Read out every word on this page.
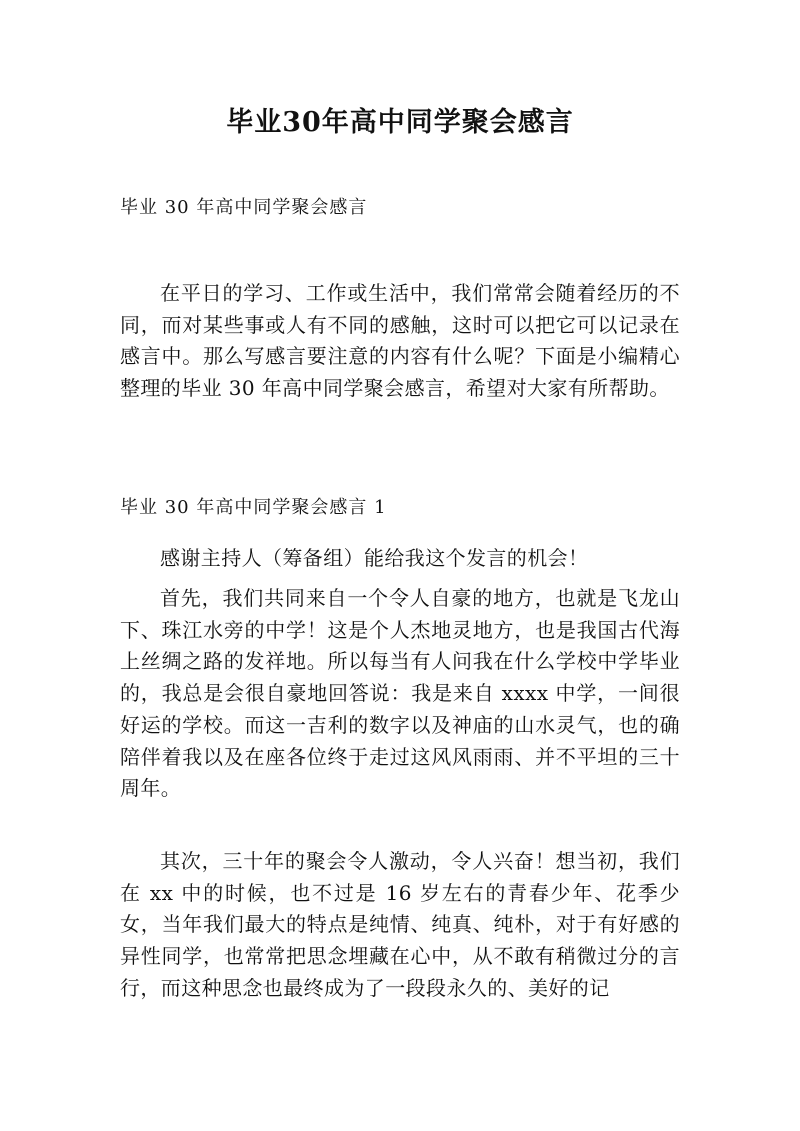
毕业30年高中同学聚会感言
毕业 30 年高中同学聚会感言

在平日的学习、工作或生活中，我们常常会随着经历的不同，而对某些事或人有不同的感触，这时可以把它可以记录在感言中。那么写感言要注意的内容有什么呢？下面是小编精心整理的毕业 30 年高中同学聚会感言，希望对大家有所帮助。

毕业 30 年高中同学聚会感言 1

感谢主持人（筹备组）能给我这个发言的机会！

首先，我们共同来自一个令人自豪的地方，也就是飞龙山下、珠江水旁的中学！这是个人杰地灵地方，也是我国古代海上丝绸之路的发祥地。所以每当有人问我在什么学校中学毕业的，我总是会很自豪地回答说：我是来自 xxxx 中学，一间很好运的学校。而这一吉利的数字以及神庙的山水灵气，也的确陪伴着我以及在座各位终于走过这风风雨雨、并不平坦的三十周年。

其次，三十年的聚会令人激动，令人兴奋！想当初，我们在 xx 中的时候，也不过是 16 岁左右的青春少年、花季少女，当年我们最大的特点是纯情、纯真、纯朴，对于有好感的异性同学，也常常把思念埋藏在心中，从不敢有稍微过分的言行，而这种思念也最终成为了一段段永久的、美好的记
